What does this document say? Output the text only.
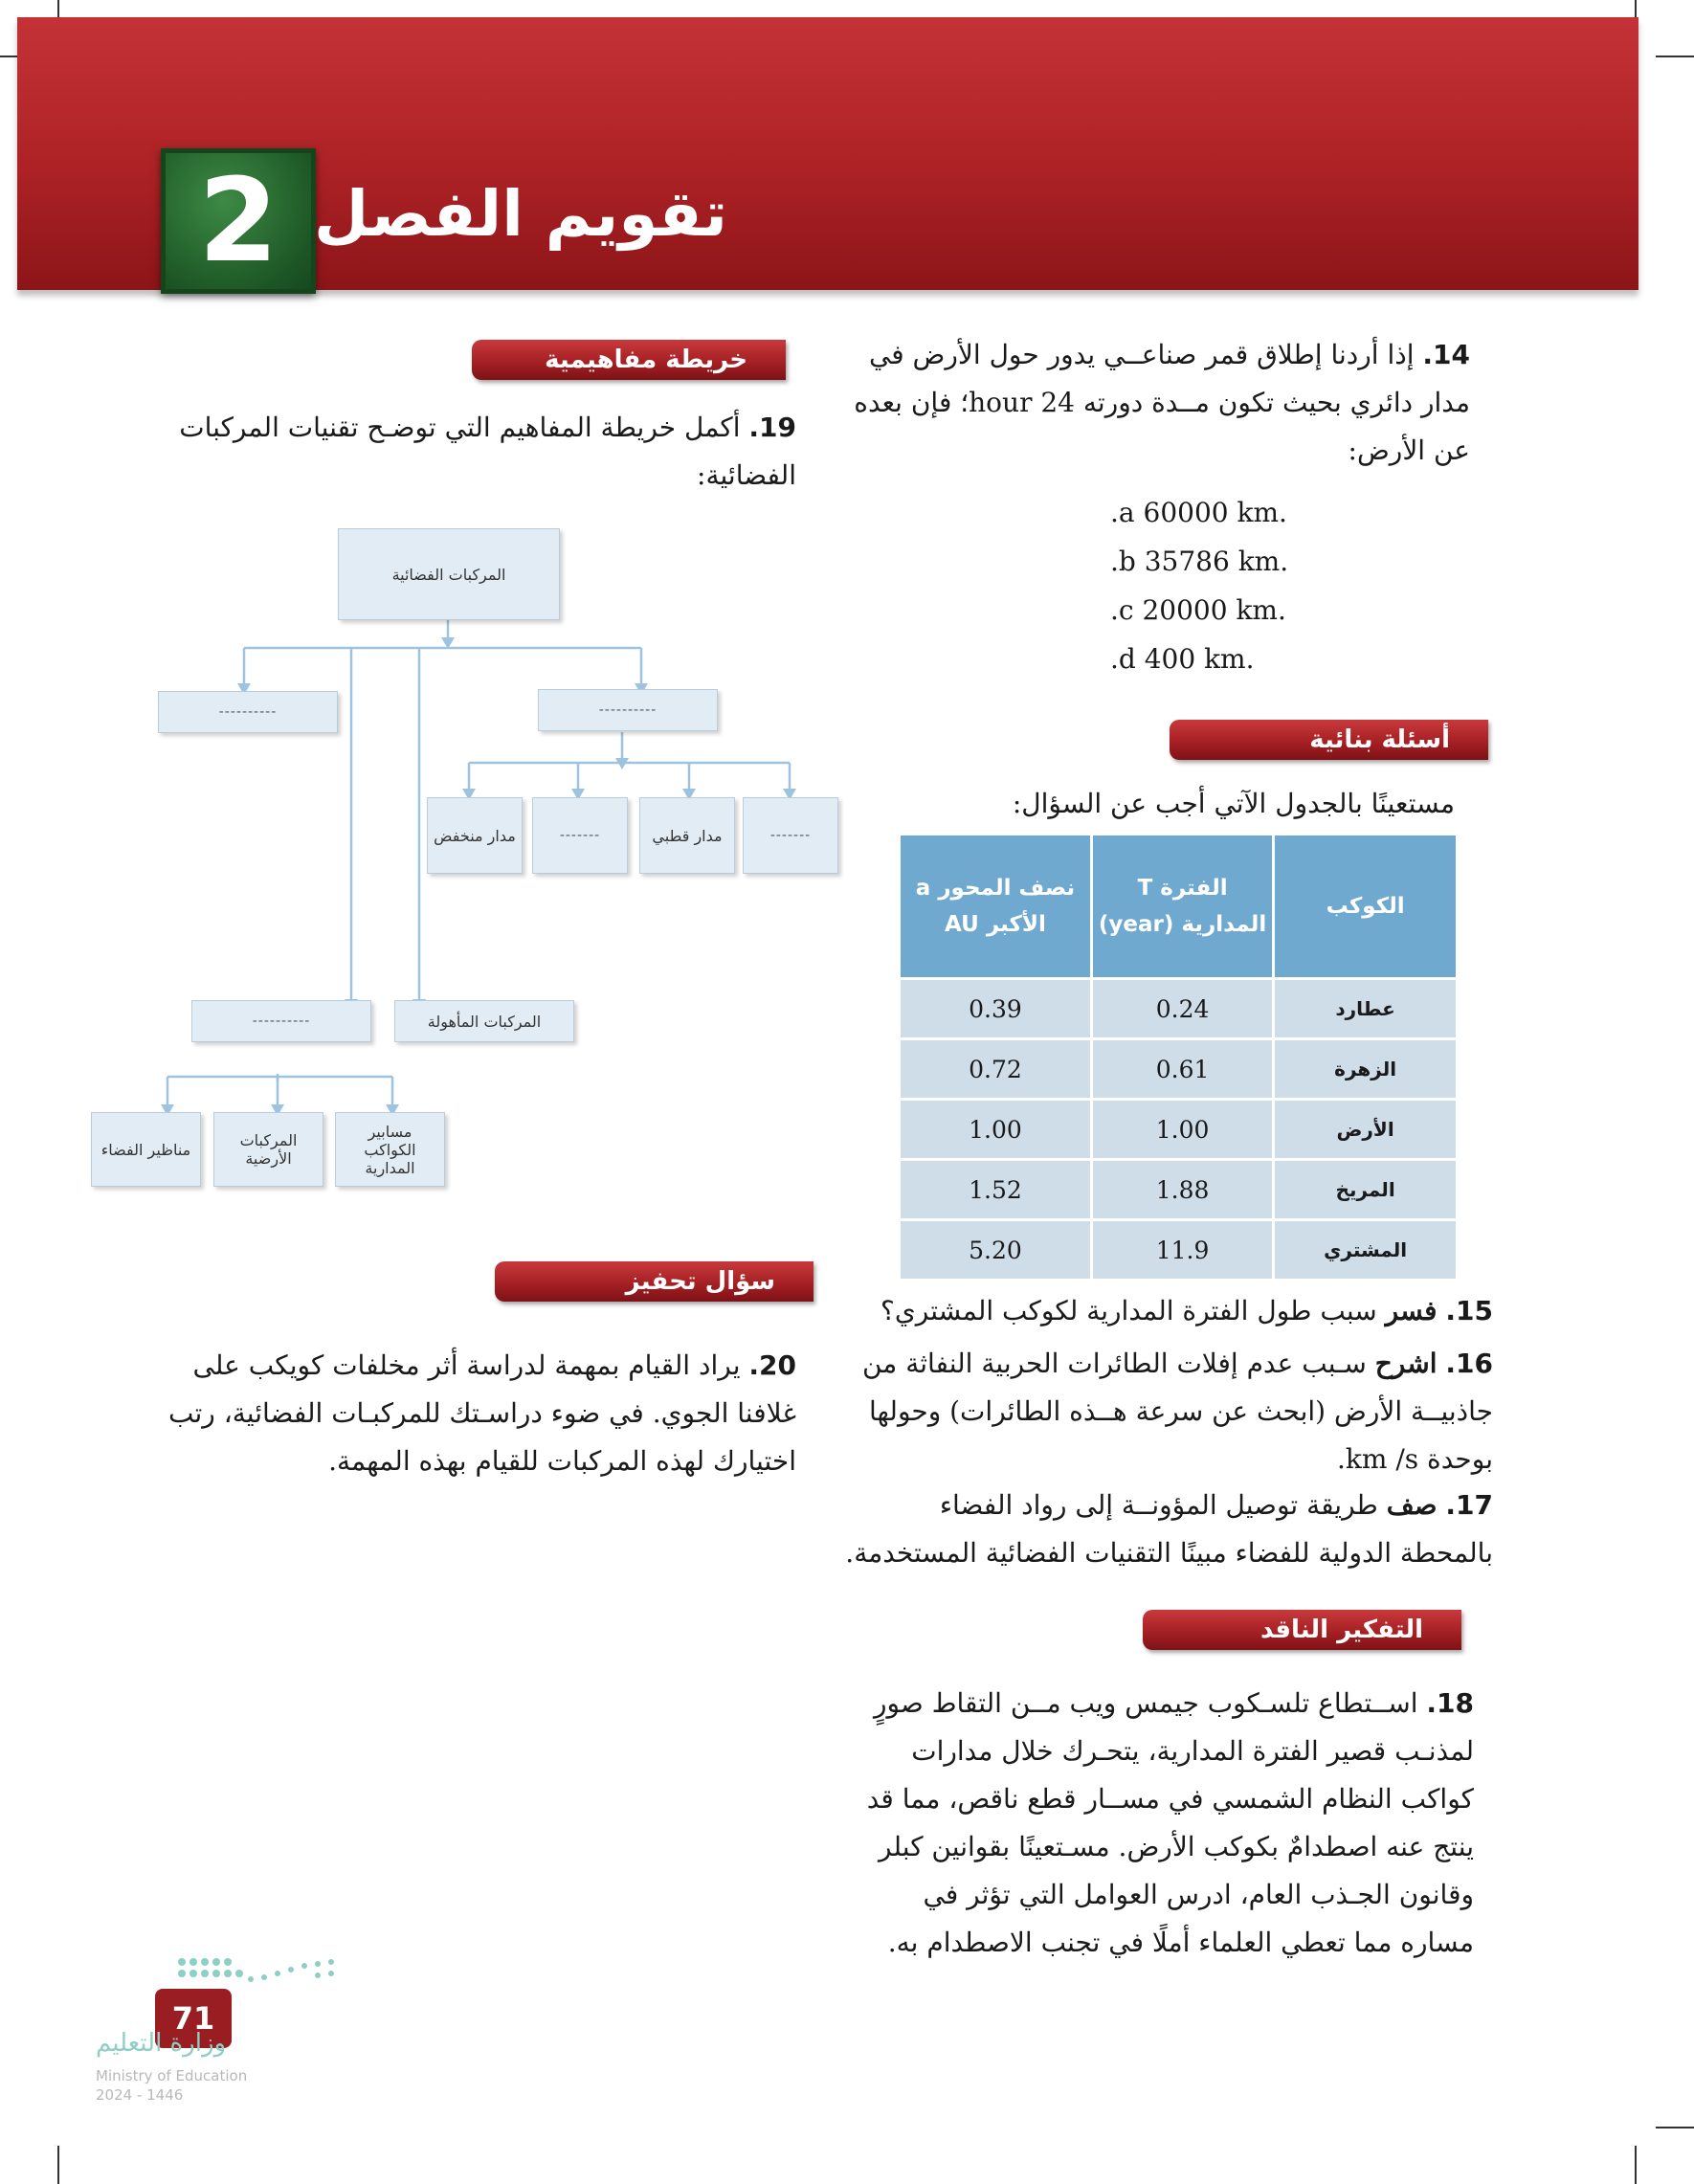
2 تقويم الفصل
14. إذا أردنا إطلاق قمر صناعــي يدور حول الأرض في مدار دائري بحيث تكون مــدة دورته 24 hour؛ فإن بعده عن الأرض:
.a 60000 km.
.b 35786 km.
.c 20000 km.
.d 400 km.
أسئلة بنائية
مستعينًا بالجدول الآتي أجب عن السؤال:
نصف المحور a الأكبر AU	الفترة T المدارية (year)	الكوكب
0.39	0.24	عطارد
0.72	0.61	الزهرة
1.00	1.00	الأرض
1.52	1.88	المريخ
5.20	11.9	المشتري
15. فسر سبب طول الفترة المدارية لكوكب المشتري؟
16. اشرح سـبب عدم إفلات الطائرات الحربية النفاثة من جاذبيــة الأرض (ابحث عن سرعة هــذه الطائرات) وحولها بوحدة km /s.
17. صف طريقة توصيل المؤونــة إلى رواد الفضاء بالمحطة الدولية للفضاء مبينًا التقنيات الفضائية المستخدمة.
التفكير الناقد
18. اســتطاع تلسـكوب جيمس ويب مــن التقاط صورٍ لمذنـب قصير الفترة المدارية، يتحـرك خلال مدارات كواكب النظام الشمسي في مســار قطع ناقص، مما قد ينتج عنه اصطدامٌ بكوكب الأرض. مسـتعينًا بقوانين كبلر وقانون الجـذب العام، ادرس العوامل التي تؤثر في مساره مما تعطي العلماء أملًا في تجنب الاصطدام به.
خريطة مفاهيمية
19. أكمل خريطة المفاهيم التي توضـح تقنيات المركبات الفضائية:
المركبات الفضائية
----------	----------
مدار منخفض	-------	مدار قطبي	-------
----------	المركبات المأهولة
مناظير الفضاء	المركبات الأرضية
مسابير الكواكب المدارية
سؤال تحفيز
20. يراد القيام بمهمة لدراسة أثر مخلفات كويكب على غلافنا الجوي. في ضوء دراسـتك للمركبـات الفضائية، رتب اختيارك لهذه المركبات للقيام بهذه المهمة.
71
وزارة التعليم
Ministry of Education
2024 - 1446
